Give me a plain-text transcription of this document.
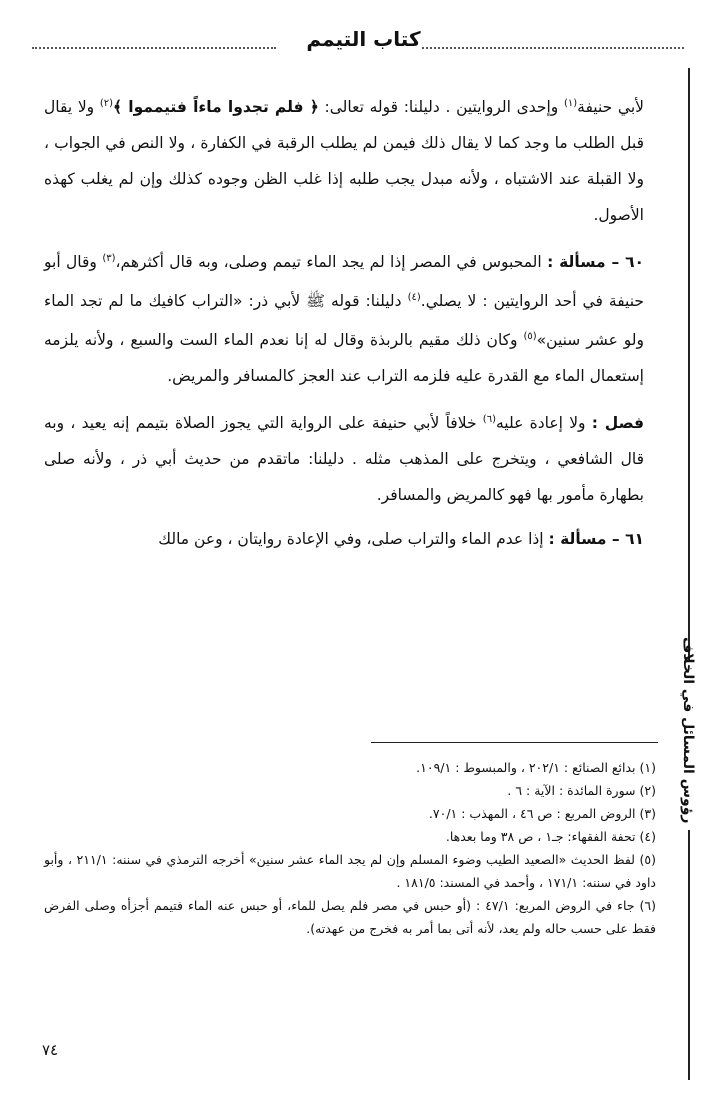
كتاب التيمم
رؤوس المسائل في الخلاف

لأبي حنيفة$^{(١)}$ وإحدى الروايتين . دليلنا: قوله تعالى: ﴿ فلم تجدوا ماءاً فتيمموا ﴾$^{(٢)}$ ولا يقال قبل الطلب ما وجد كما لا يقال ذلك فيمن لم يطلب الرقبة في الكفارة ، ولا النص في الجواب ، ولا القبلة عند الاشتباه ، ولأنه مبدل يجب طلبه إذا غلب الظن وجوده كذلك وإن لم يغلب كهذه الأصول.

٦٠ – مسألة : المحبوس في المصر إذا لم يجد الماء تيمم وصلى، وبه قال أكثرهم،$^{(٣)}$ وقال أبو حنيفة في أحد الروايتين : لا يصلي.$^{(٤)}$ دليلنا: قوله ﷺ لأبي ذر: «التراب كافيك ما لم تجد الماء ولو عشر سنين»$^{(٥)}$ وكان ذلك مقيم بالربذة وقال له إنا نعدم الماء الست والسبع ، ولأنه يلزمه إستعمال الماء مع القدرة عليه فلزمه التراب عند العجز كالمسافر والمريض.

فصل : ولا إعادة عليه$^{(٦)}$ خلافاً لأبي حنيفة على الرواية التي يجوز الصلاة بتيمم إنه يعيد ، وبه قال الشافعي ، ويتخرج على المذهب مثله . دليلنا: ماتقدم من حديث أبي ذر ، ولأنه صلى بطهارة مأمور بها فهو كالمريض والمسافر.

٦١ – مسألة : إذا عدم الماء والتراب صلى، وفي الإعادة روايتان ، وعن مالك

(١) بدائع الصنائع : ٢٠٢/١ ، والمبسوط : ١٠٩/١.
(٢) سورة المائدة : الآية : ٦ .
(٣) الروض المربع : ص ٤٦ ، المهذب : ٧٠/١.
(٤) تحفة الفقهاء: جـ١ ، ص ٣٨ وما بعدها.
(٥) لفظ الحديث «الصعيد الطيب وضوء المسلم وإن لم يجد الماء عشر سنين» أخرجه الترمذي في سننه: ٢١١/١ ، وأبو داود في سننه: ١٧١/١ ، وأحمد في المسند: ١٨١/٥ .
(٦) جاء في الروض المربع: ٤٧/١ : (أو حبس في مصر فلم يصل للماء، أو حبس عنه الماء فتيمم أجزأه وصلى الفرض فقط على حسب حاله ولم يعد، لأنه أتى بما أمر به فخرج من عهدته).
٧٤
